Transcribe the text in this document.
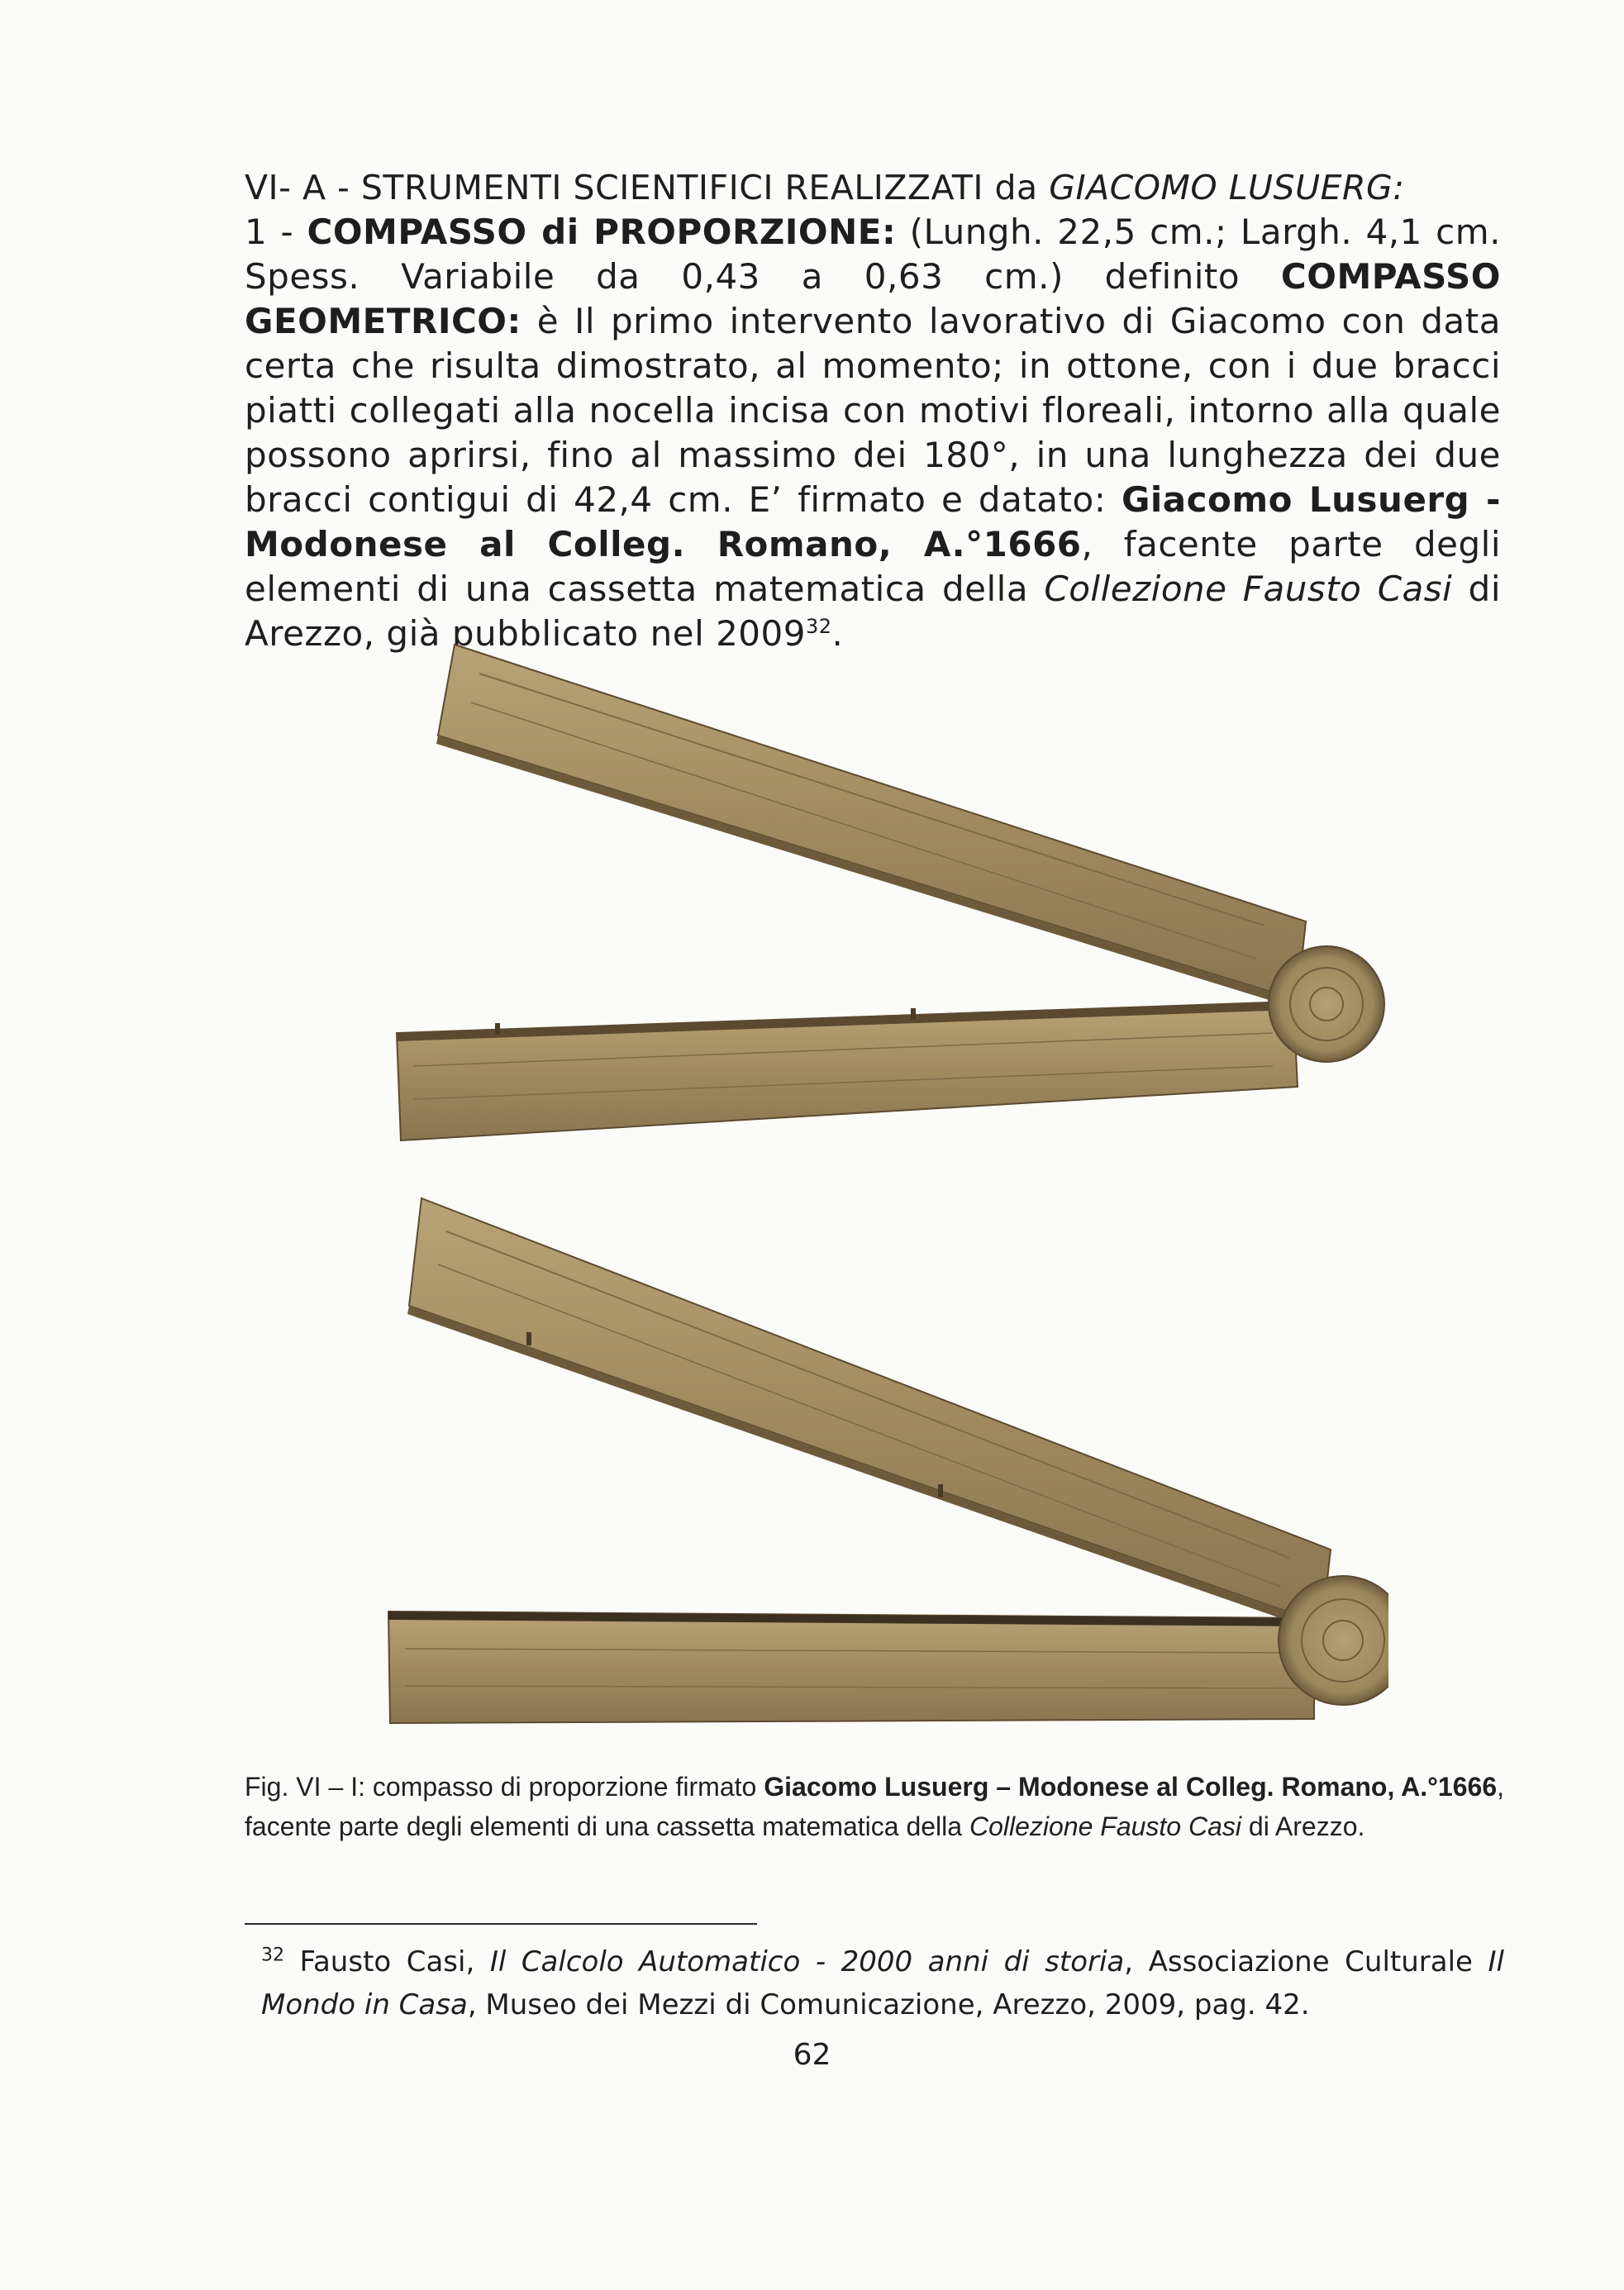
VI- A - STRUMENTI SCIENTIFICI REALIZZATI da GIACOMO LUSUERG:
1 - COMPASSO di PROPORZIONE: (Lungh. 22,5 cm.; Largh. 4,1 cm. Spess. Variabile da 0,43 a 0,63 cm.) definito COMPASSO GEOMETRICO: è Il primo intervento lavorativo di Giacomo con data certa che risulta dimostrato, al momento; in ottone, con i due bracci piatti collegati alla nocella incisa con motivi floreali, intorno alla quale possono aprirsi, fino al massimo dei 180°, in una lunghezza dei due bracci contigui di 42,4 cm. E’ firmato e datato: Giacomo Lusuerg - Modonese al Colleg. Romano, A.°1666, facente parte degli elementi di una cassetta matematica della Collezione Fausto Casi di Arezzo, già pubblicato nel 2009$^{32}$.

Fig. VI – I: compasso di proporzione firmato Giacomo Lusuerg – Modonese al Colleg. Romano, A.°1666, facente parte degli elementi di una cassetta matematica della Collezione Fausto Casi di Arezzo.
$^{32}$ Fausto Casi, Il Calcolo Automatico - 2000 anni di storia, Associazione Culturale Il Mondo in Casa, Museo dei Mezzi di Comunicazione, Arezzo, 2009, pag. 42.
62
